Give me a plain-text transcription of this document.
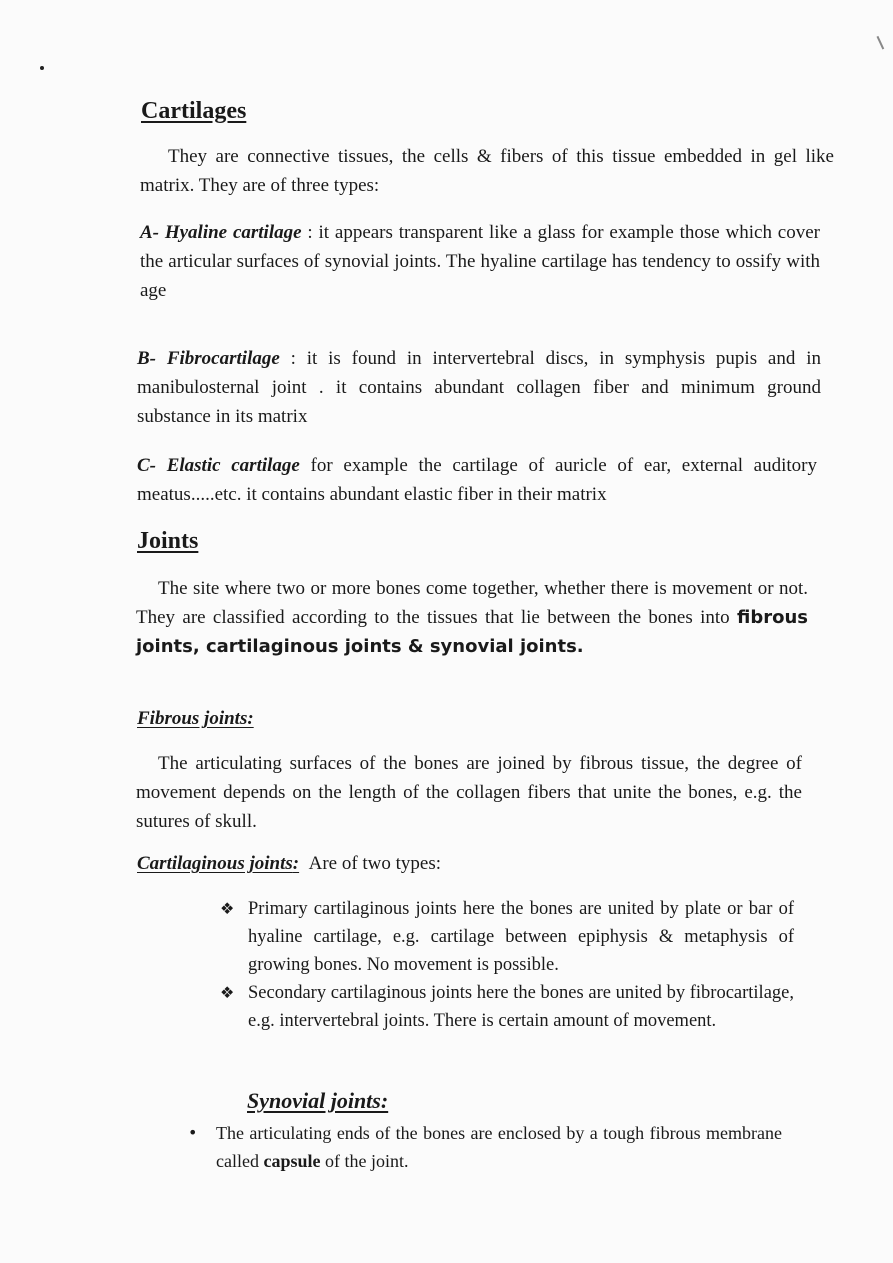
Cartilages
They are connective tissues, the cells & fibers of this tissue embedded in gel like matrix. They are of three types:
A- Hyaline cartilage : it appears transparent like a glass for example those which cover the articular surfaces of synovial joints. The hyaline cartilage has tendency to ossify with age
B- Fibrocartilage : it is found in intervertebral discs, in symphysis pupis and in manibulosternal joint . it contains abundant collagen fiber and minimum ground substance in its matrix
C- Elastic cartilage for example the cartilage of auricle of ear, external auditory meatus.....etc. it contains abundant elastic fiber in their matrix
Joints
The site where two or more bones come together, whether there is movement or not. They are classified according to the tissues that lie between the bones into fibrous joints, cartilaginous joints & synovial joints.
Fibrous joints:
The articulating surfaces of the bones are joined by fibrous tissue, the degree of movement depends on the length of the collagen fibers that unite the bones, e.g. the sutures of skull.
Cartilaginous joints: Are of two types:
❖ Primary cartilaginous joints here the bones are united by plate or bar of hyaline cartilage, e.g. cartilage between epiphysis & metaphysis of growing bones. No movement is possible.
❖ Secondary cartilaginous joints here the bones are united by fibrocartilage, e.g. intervertebral joints. There is certain amount of movement.
Synovial joints:
• The articulating ends of the bones are enclosed by a tough fibrous membrane called capsule of the joint.
